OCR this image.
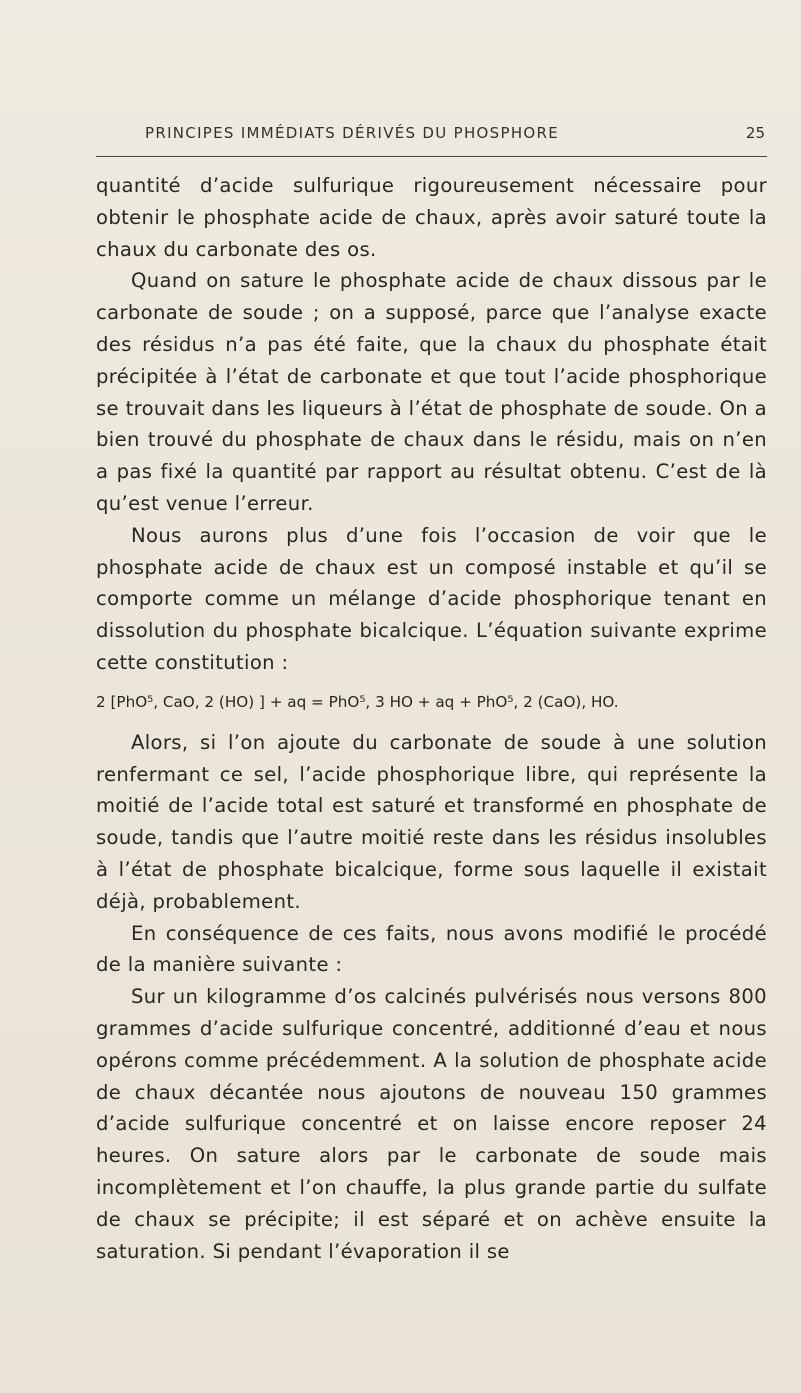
PRINCIPES IMMÉDIATS DÉRIVÉS DU PHOSPHORE	25

quantité d’acide sulfurique rigoureusement nécessaire pour obtenir le phosphate acide de chaux, après avoir saturé toute la chaux du carbonate des os.

Quand on sature le phosphate acide de chaux dissous par le carbonate de soude ; on a supposé, parce que l’analyse exacte des résidus n’a pas été faite, que la chaux du phosphate était précipitée à l’état de carbonate et que tout l’acide phosphorique se trouvait dans les liqueurs à l’état de phosphate de soude. On a bien trouvé du phosphate de chaux dans le résidu, mais on n’en a pas fixé la quantité par rapport au résultat obtenu. C’est de là qu’est venue l’erreur.

Nous aurons plus d’une fois l’occasion de voir que le phosphate acide de chaux est un composé instable et qu’il se comporte comme un mélange d’acide phosphorique tenant en dissolution du phosphate bicalcique. L’équation suivante exprime cette constitution :

2 [PhO⁵, CaO, 2 (HO) ] + aq = PhO⁵, 3 HO + aq + PhO⁵, 2 (CaO), HO.

Alors, si l’on ajoute du carbonate de soude à une solution renfermant ce sel, l’acide phosphorique libre, qui représente la moitié de l’acide total est saturé et transformé en phosphate de soude, tandis que l’autre moitié reste dans les résidus insolubles à l’état de phosphate bicalcique, forme sous laquelle il existait déjà, probablement.

En conséquence de ces faits, nous avons modifié le procédé de la manière suivante :

Sur un kilogramme d’os calcinés pulvérisés nous versons 800 grammes d’acide sulfurique concentré, additionné d’eau et nous opérons comme précédemment. A la solution de phosphate acide de chaux décantée nous ajoutons de nouveau 150 grammes d’acide sulfurique concentré et on laisse encore reposer 24 heures. On sature alors par le carbonate de soude mais incomplètement et l’on chauffe, la plus grande partie du sulfate de chaux se précipite; il est séparé et on achève ensuite la saturation. Si pendant l’évaporation il se
